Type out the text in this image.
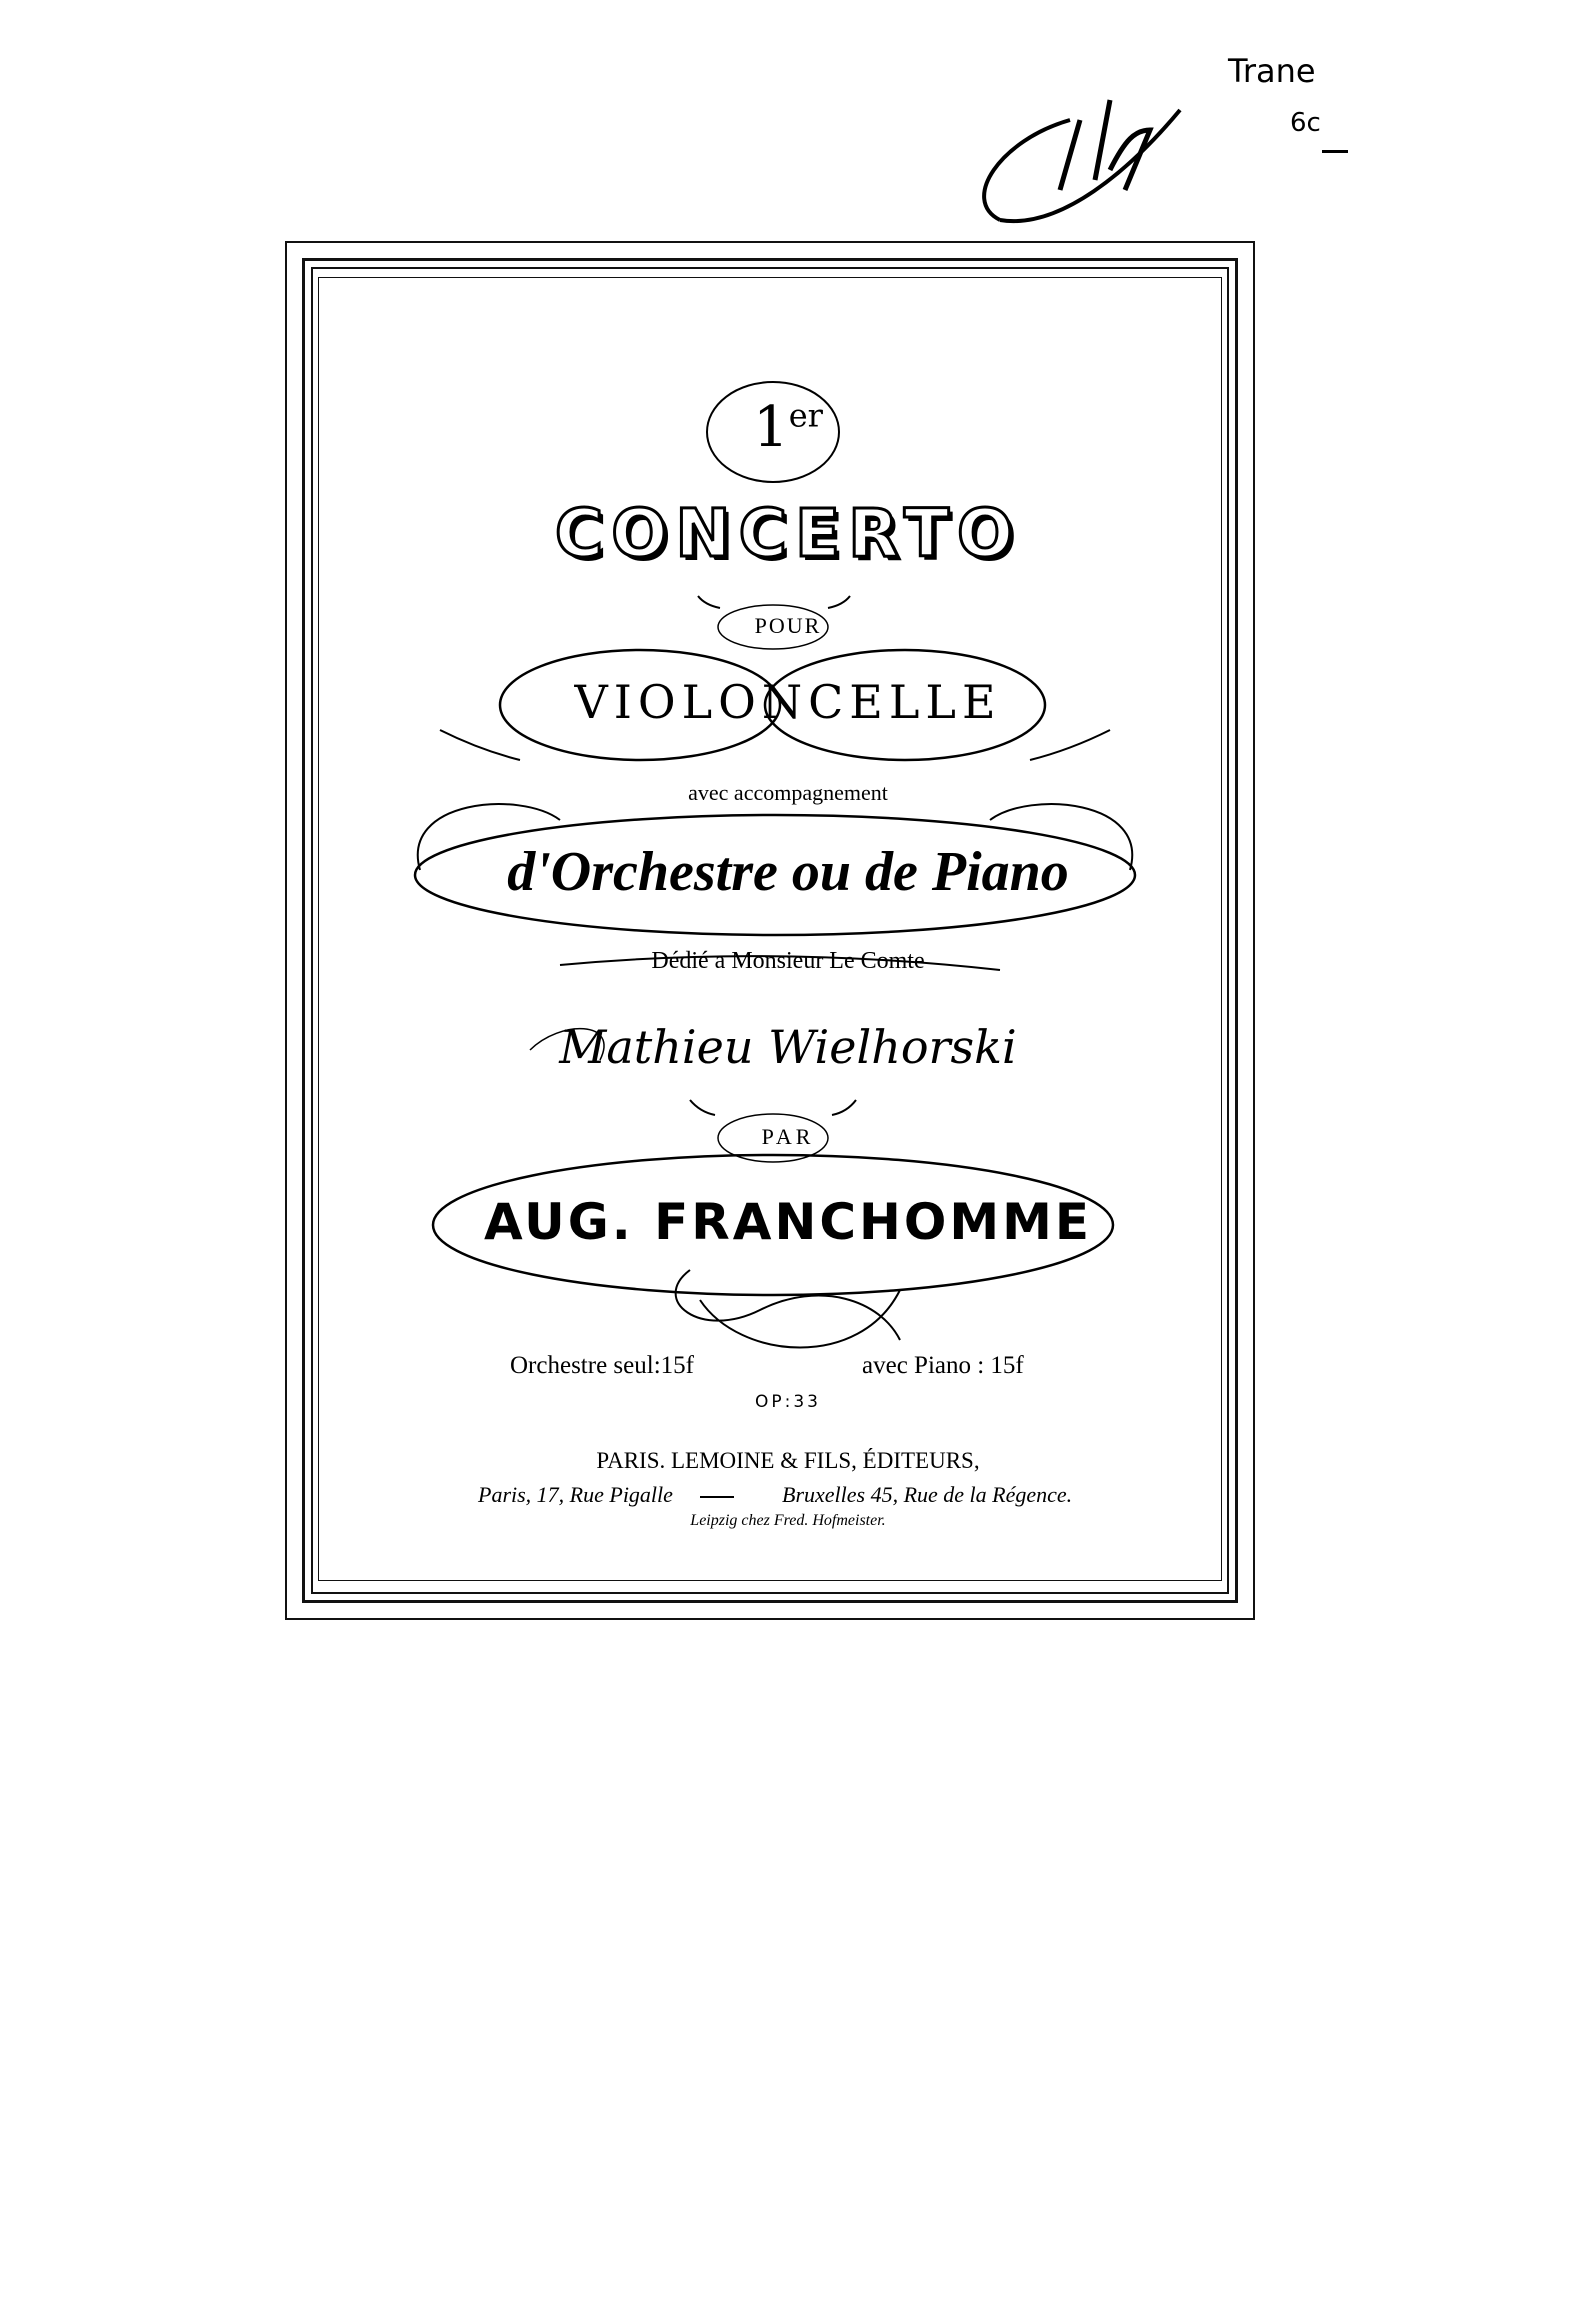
Trane
6c
1er
CONCERTO
POUR
VIOLONCELLE
avec accompagnement
d'Orchestre ou de Piano
Dédié a Monsieur Le Comte
Mathieu Wielhorski
PAR
AUG. FRANCHOMME
Orchestre seul:15f	avec Piano : 15f
OP:33
PARIS. LEMOINE & FILS, ÉDITEURS,
Paris, 17, Rue Pigalle	Bruxelles 45, Rue de la Régence.
Leipzig chez Fred. Hofmeister.
